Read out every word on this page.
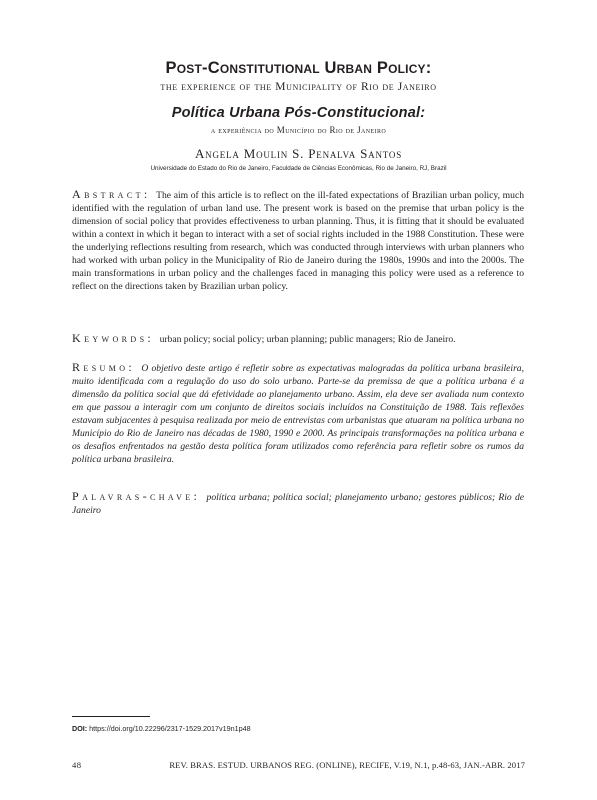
Post-Constitutional Urban Policy:
the experience of the Municipality of Rio de Janeiro
Política Urbana Pós-Constitucional:
a experiência do Município do Rio de Janeiro
Angela Moulin S. Penalva Santos
Universidade do Estado do Rio de Janeiro, Faculdade de Ciências Econômicas, Rio de Janeiro, RJ, Brazil
Abstract: The aim of this article is to reflect on the ill-fated expectations of Brazilian urban policy, much identified with the regulation of urban land use. The present work is based on the premise that urban policy is the dimension of social policy that provides effectiveness to urban planning. Thus, it is fitting that it should be evaluated within a context in which it began to interact with a set of social rights included in the 1988 Constitution. These were the underlying reflections resulting from research, which was conducted through interviews with urban planners who had worked with urban policy in the Municipality of Rio de Janeiro during the 1980s, 1990s and into the 2000s. The main transformations in urban policy and the challenges faced in managing this policy were used as a reference to reflect on the directions taken by Brazilian urban policy.
Keywords: urban policy; social policy; urban planning; public managers; Rio de Janeiro.
Resumo: O objetivo deste artigo é refletir sobre as expectativas malogradas da política urbana brasileira, muito identificada com a regulação do uso do solo urbano. Parte-se da premissa de que a política urbana é a dimensão da política social que dá efetividade ao planejamento urbano. Assim, ela deve ser avaliada num contexto em que passou a interagir com um conjunto de direitos sociais incluídos na Constituição de 1988. Tais reflexões estavam subjacentes à pesquisa realizada por meio de entrevistas com urbanistas que atuaram na política urbana no Município do Rio de Janeiro nas décadas de 1980, 1990 e 2000. As principais transformações na política urbana e os desafios enfrentados na gestão desta política foram utilizados como referência para refletir sobre os rumos da política urbana brasileira.
Palavras-chave: política urbana; política social; planejamento urbano; gestores públicos; Rio de Janeiro
DOI: https://doi.org/10.22296/2317-1529.2017v19n1p48
48	REV. BRAS. ESTUD. URBANOS REG. (ONLINE), RECIFE, V.19, N.1, p.48-63, JAN.-ABR. 2017
